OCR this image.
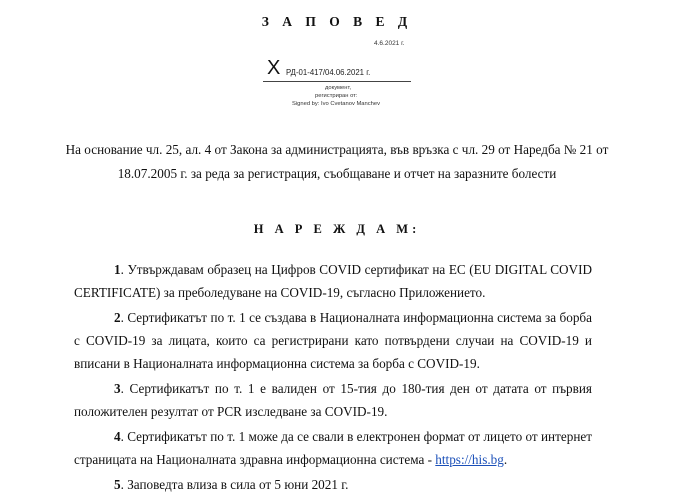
З А П О В Е Д
4.6.2021 г.
X РД-01-417/04.06.2021 г.
документ,
регистриран от:
Signed by: Ivo Cvetanov Manchev
На основание чл. 25, ал. 4 от Закона за администрацията, във връзка с чл. 29 от Наредба № 21 от 18.07.2005 г. за реда за регистрация, съобщаване и отчет на заразните болести
Н А Р Е Ж Д А М:

1. Утвърждавам образец на Цифров COVID сертификат на ЕС (EU DIGITAL COVID CERTIFICATE) за преболедуване на COVID-19, съгласно Приложението.

2. Сертификатът по т. 1 се създава в Националната информационна система за борба с COVID-19 за лицата, които са регистрирани като потвърдени случаи на COVID-19 и вписани в Националната информационна система за борба с COVID-19.

3. Сертификатът по т. 1 е валиден от 15-тия до 180-тия ден от датата от първия положителен резултат от PCR изследване за COVID-19.

4. Сертификатът по т. 1 може да се свали в електронен формат от лицето от интернет страницата на Националната здравна информационна система - https://his.bg.

5. Заповедта влиза в сила от 5 юни 2021 г.
